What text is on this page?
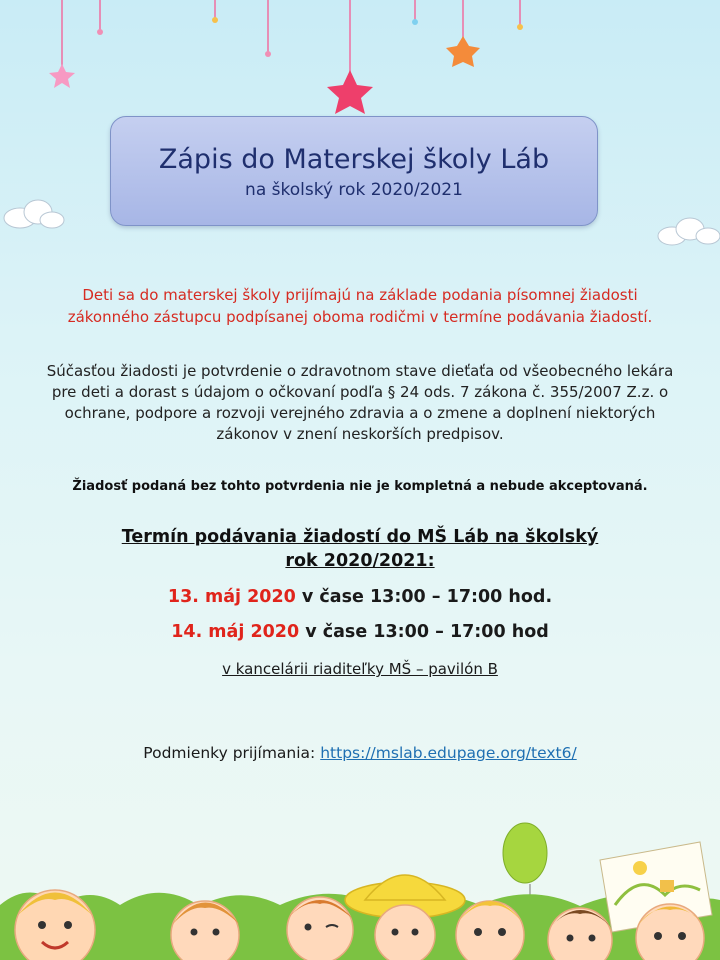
Zápis do Materskej školy Láb
na školský rok 2020/2021
Deti sa do materskej školy prijímajú na základe podania písomnej žiadosti zákonného zástupcu podpísanej oboma rodičmi v termíne podávania žiadostí.
Súčasťou žiadosti je potvrdenie o zdravotnom stave dieťaťa od všeobecného lekára pre deti a dorast s údajom o očkovaní podľa § 24 ods. 7 zákona č. 355/2007 Z.z. o ochrane, podpore a rozvoji verejného zdravia a o zmene a doplnení niektorých zákonov v znení neskorších predpisov.
Žiadosť podaná bez tohto potvrdenia nie je kompletná a nebude akceptovaná.
Termín podávania žiadostí do MŠ Láb na školský
rok 2020/2021:
13. máj 2020 v čase 13:00 – 17:00 hod.
14. máj 2020 v čase 13:00 – 17:00 hod
v kancelárii riaditeľky MŠ – pavilón B
Podmienky prijímania: https://mslab.edupage.org/text6/
